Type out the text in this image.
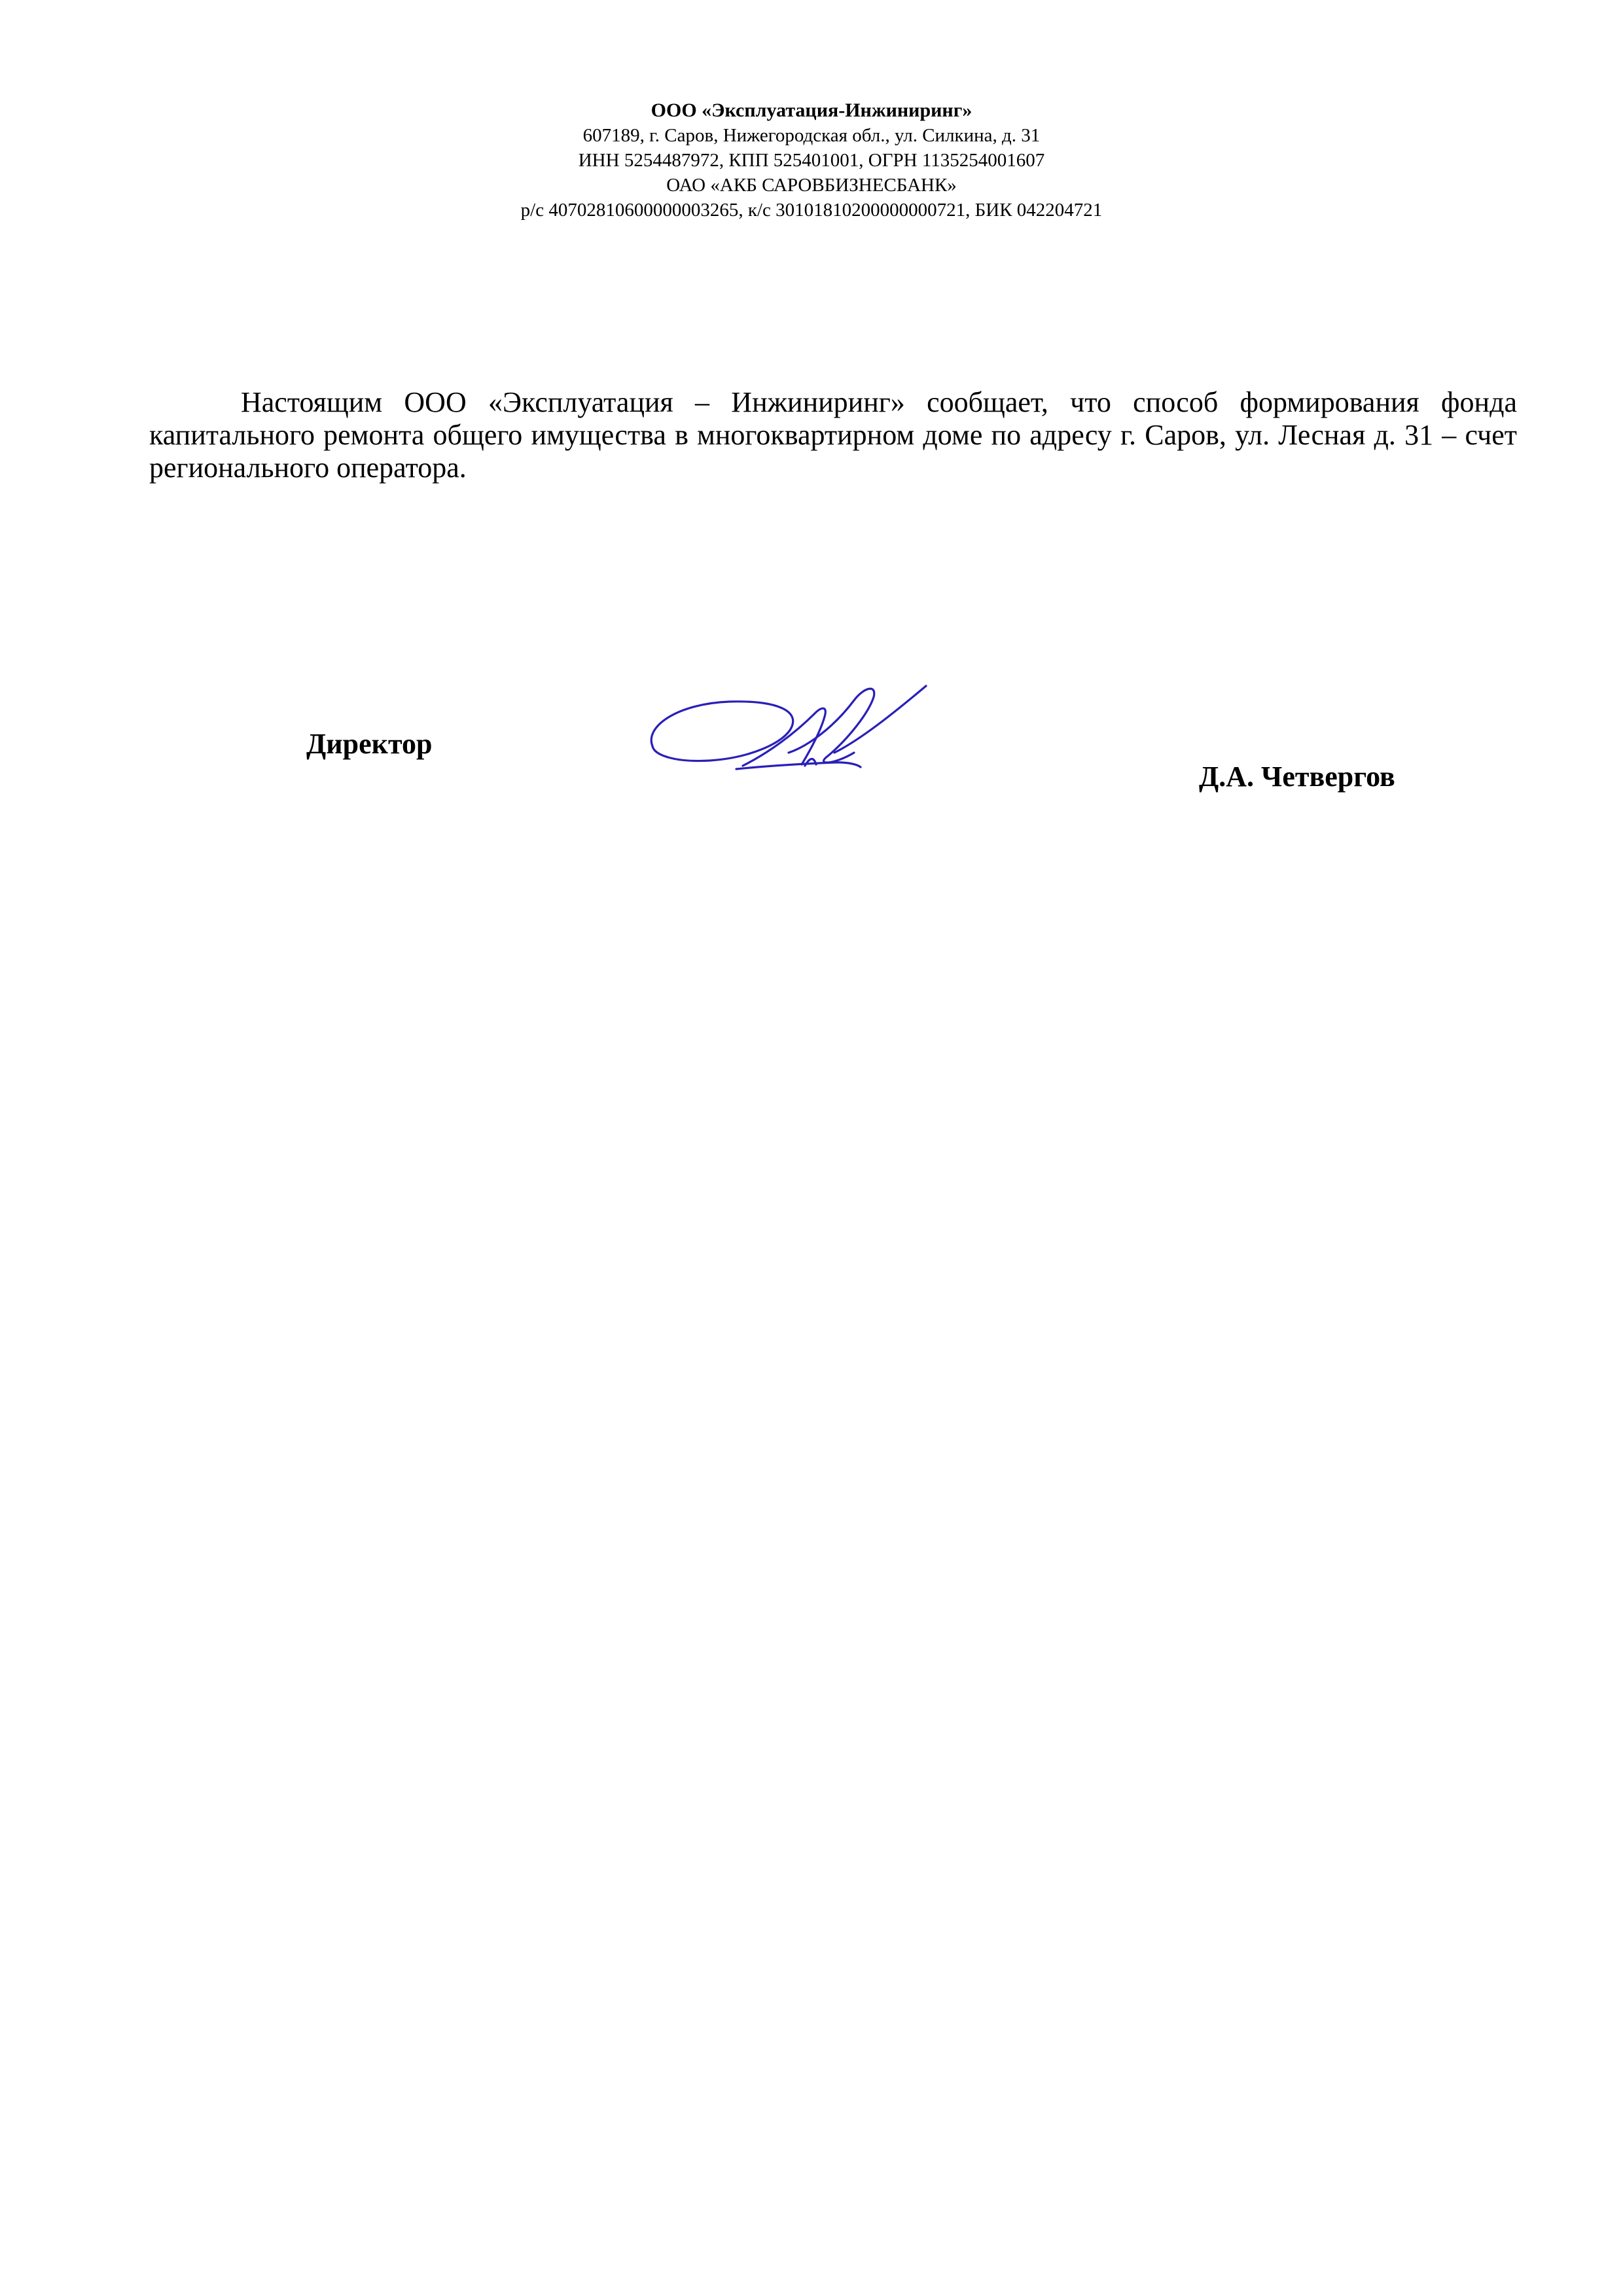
ООО «Эксплуатация-Инжиниринг»
607189, г. Саров, Нижегородская обл., ул. Силкина, д. 31
ИНН 5254487972, КПП 525401001, ОГРН 1135254001607
ОАО «АКБ САРОВБИЗНЕСБАНК»
р/с 40702810600000003265, к/с 30101810200000000721, БИК 042204721

Настоящим ООО «Эксплуатация – Инжиниринг» сообщает, что способ формирования фонда капитального ремонта общего имущества в многоквартирном доме по адресу г. Саров, ул. Лесная д. 31 – счет регионального оператора.

Директор
Д.А. Четвергов
